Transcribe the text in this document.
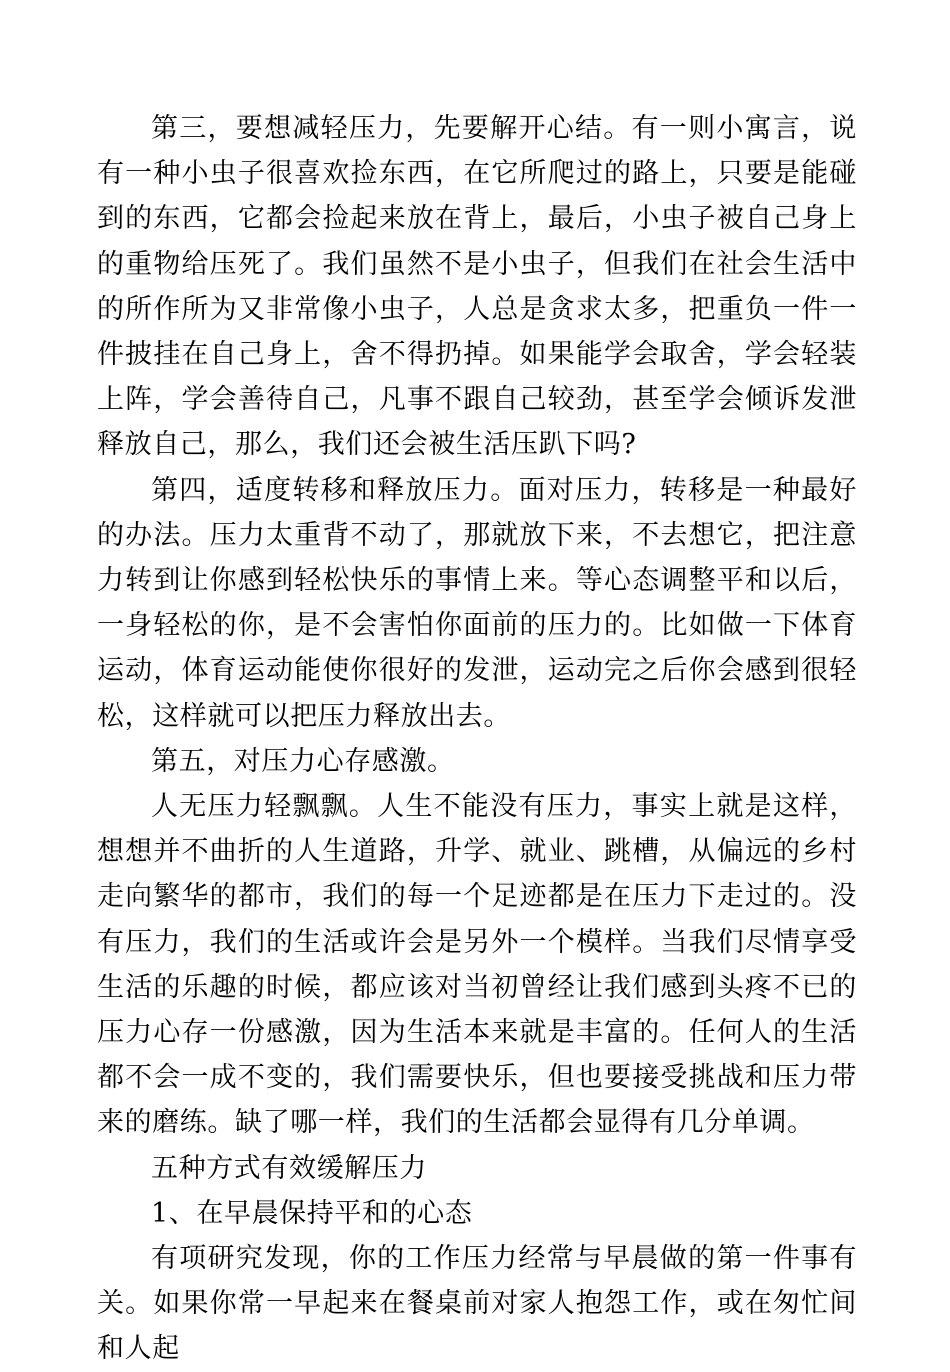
第三，要想减轻压力，先要解开心结。有一则小寓言，说有一种小虫子很喜欢捡东西，在它所爬过的路上，只要是能碰到的东西，它都会捡起来放在背上，最后，小虫子被自己身上的重物给压死了。我们虽然不是小虫子，但我们在社会生活中的所作所为又非常像小虫子，人总是贪求太多，把重负一件一件披挂在自己身上，舍不得扔掉。如果能学会取舍，学会轻装上阵，学会善待自己，凡事不跟自己较劲，甚至学会倾诉发泄释放自己，那么，我们还会被生活压趴下吗?

第四，适度转移和释放压力。面对压力，转移是一种最好的办法。压力太重背不动了，那就放下来，不去想它，把注意力转到让你感到轻松快乐的事情上来。等心态调整平和以后，一身轻松的你，是不会害怕你面前的压力的。比如做一下体育运动，体育运动能使你很好的发泄，运动完之后你会感到很轻松，这样就可以把压力释放出去。

第五，对压力心存感激。

人无压力轻飘飘。人生不能没有压力，事实上就是这样，想想并不曲折的人生道路，升学、就业、跳槽，从偏远的乡村走向繁华的都市，我们的每一个足迹都是在压力下走过的。没有压力，我们的生活或许会是另外一个模样。当我们尽情享受生活的乐趣的时候，都应该对当初曾经让我们感到头疼不已的压力心存一份感激，因为生活本来就是丰富的。任何人的生活都不会一成不变的，我们需要快乐，但也要接受挑战和压力带来的磨练。缺了哪一样，我们的生活都会显得有几分单调。

五种方式有效缓解压力

1、在早晨保持平和的心态

有项研究发现，你的工作压力经常与早晨做的第一件事有关。如果你常一早起来在餐桌前对家人抱怨工作，或在匆忙间和人起
